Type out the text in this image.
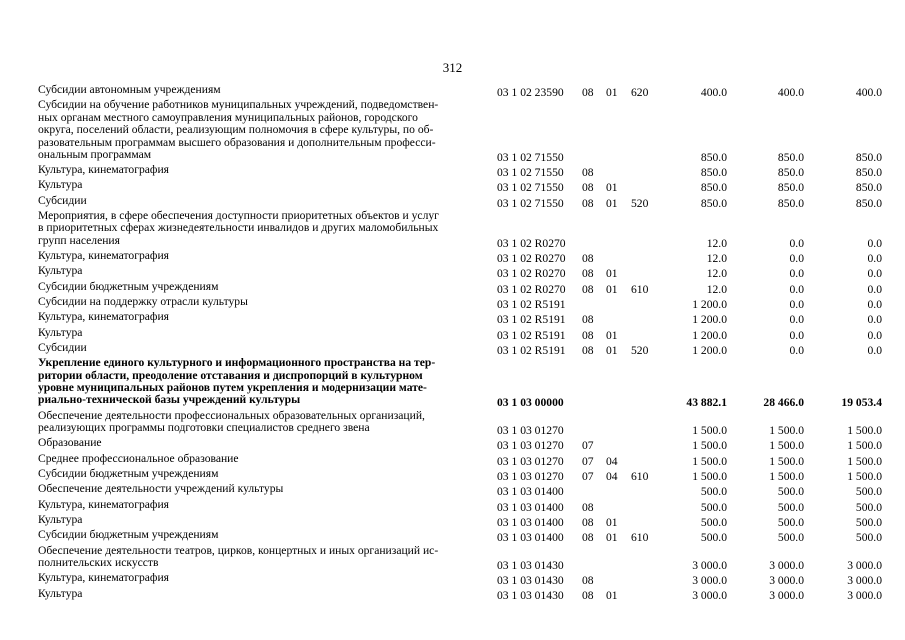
312
Субсидии автономным учреждениям	03 1 02 23590 08 01 620	400.0	400.0	400.0
Субсидии на обучение работников муниципальных учреждений, подведомствен-
ных органам местного самоуправления муниципальных районов, городского
округа, поселений области, реализующим полномочия в сфере культуры, по об-
разовательным программам высшего образования и дополнительным професси-
ональным программам	03 1 02 71550	850.0	850.0	850.0
Культура, кинематография	03 1 02 71550 08	850.0	850.0	850.0
Культура	03 1 02 71550 08 01	850.0	850.0	850.0
Субсидии	03 1 02 71550 08 01 520	850.0	850.0	850.0
Мероприятия, в сфере обеспечения доступности приоритетных объектов и услуг
в приоритетных сферах жизнедеятельности инвалидов и других маломобильных
групп населения	03 1 02 R0270	12.0	0.0	0.0
Культура, кинематография	03 1 02 R0270 08	12.0	0.0	0.0
Культура	03 1 02 R0270 08 01	12.0	0.0	0.0
Субсидии бюджетным учреждениям	03 1 02 R0270 08 01 610	12.0	0.0	0.0
Субсидии на поддержку отрасли культуры	03 1 02 R5191	1 200.0	0.0	0.0
Культура, кинематография	03 1 02 R5191 08	1 200.0	0.0	0.0
Культура	03 1 02 R5191 08 01	1 200.0	0.0	0.0
Субсидии	03 1 02 R5191 08 01 520	1 200.0	0.0	0.0
Укрепление единого культурного и информационного пространства на тер-
ритории области, преодоление отставания и диспропорций в культурном
уровне муниципальных районов путем укрепления и модернизации мате-
риально-технической базы учреждений культуры	03 1 03 00000	43 882.1	28 466.0	19 053.4
Обеспечение деятельности профессиональных образовательных организаций,
реализующих программы подготовки специалистов среднего звена	03 1 03 01270	1 500.0	1 500.0	1 500.0
Образование	03 1 03 01270 07	1 500.0	1 500.0	1 500.0
Среднее профессиональное образование	03 1 03 01270 07 04	1 500.0	1 500.0	1 500.0
Субсидии бюджетным учреждениям	03 1 03 01270 07 04 610	1 500.0	1 500.0	1 500.0
Обеспечение деятельности учреждений культуры	03 1 03 01400	500.0	500.0	500.0
Культура, кинематография	03 1 03 01400 08	500.0	500.0	500.0
Культура	03 1 03 01400 08 01	500.0	500.0	500.0
Субсидии бюджетным учреждениям	03 1 03 01400 08 01 610	500.0	500.0	500.0
Обеспечение деятельности театров, цирков, концертных и иных организаций ис-
полнительских искусств	03 1 03 01430	3 000.0	3 000.0	3 000.0
Культура, кинематография	03 1 03 01430 08	3 000.0	3 000.0	3 000.0
Культура	03 1 03 01430 08 01	3 000.0	3 000.0	3 000.0
